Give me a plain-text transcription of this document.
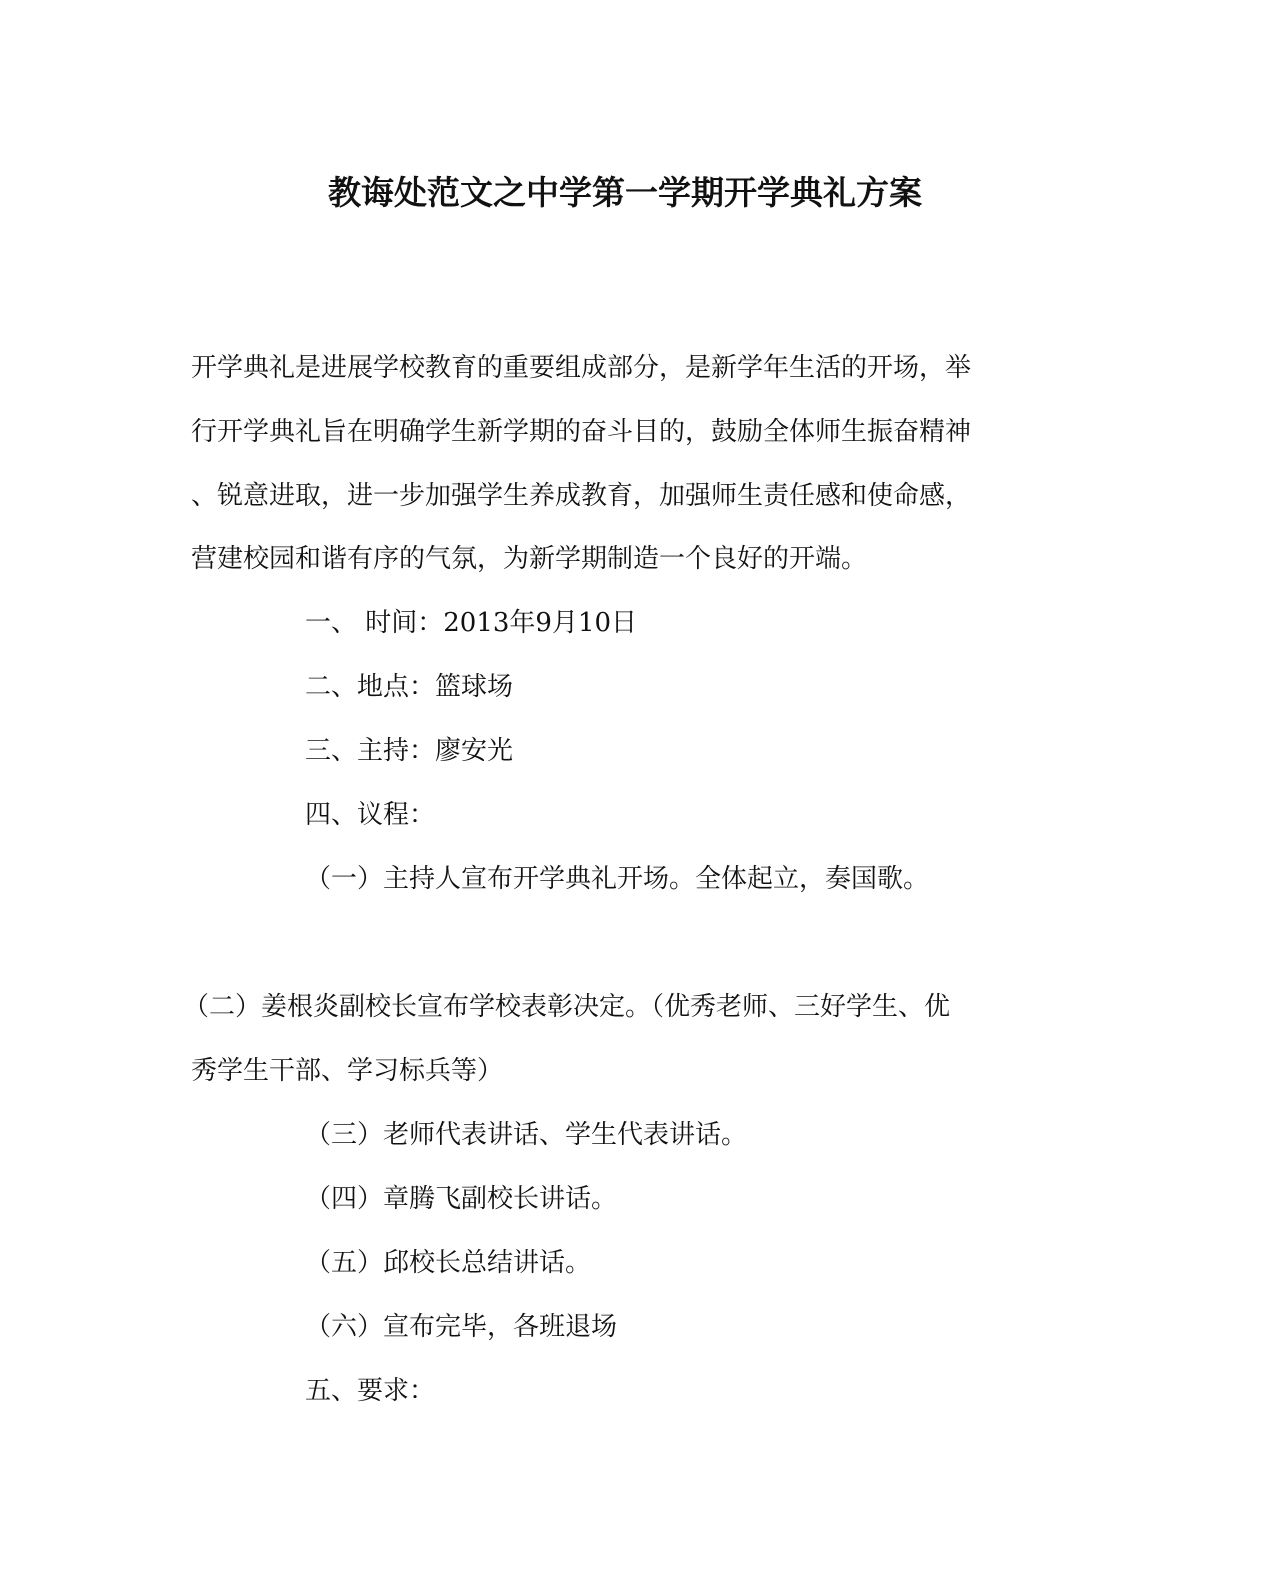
教诲处范文之中学第一学期开学典礼方案
开学典礼是进展学校教育的重要组成部分，是新学年生活的开场，举
行开学典礼旨在明确学生新学期的奋斗目的，鼓励全体师生振奋精神
、锐意进取，进一步加强学生养成教育，加强师生责任感和使命感，
营建校园和谐有序的气氛，为新学期制造一个良好的开端。
一、 时间：2013年9月10日
二、地点：篮球场
三、主持：廖安光
四、议程：
（一）主持人宣布开学典礼开场。全体起立，奏国歌。
（二）姜根炎副校长宣布学校表彰决定。（优秀老师、三好学生、优
秀学生干部、学习标兵等）
（三）老师代表讲话、学生代表讲话。
（四）章腾飞副校长讲话。
（五）邱校长总结讲话。
（六）宣布完毕，各班退场
五、要求：
